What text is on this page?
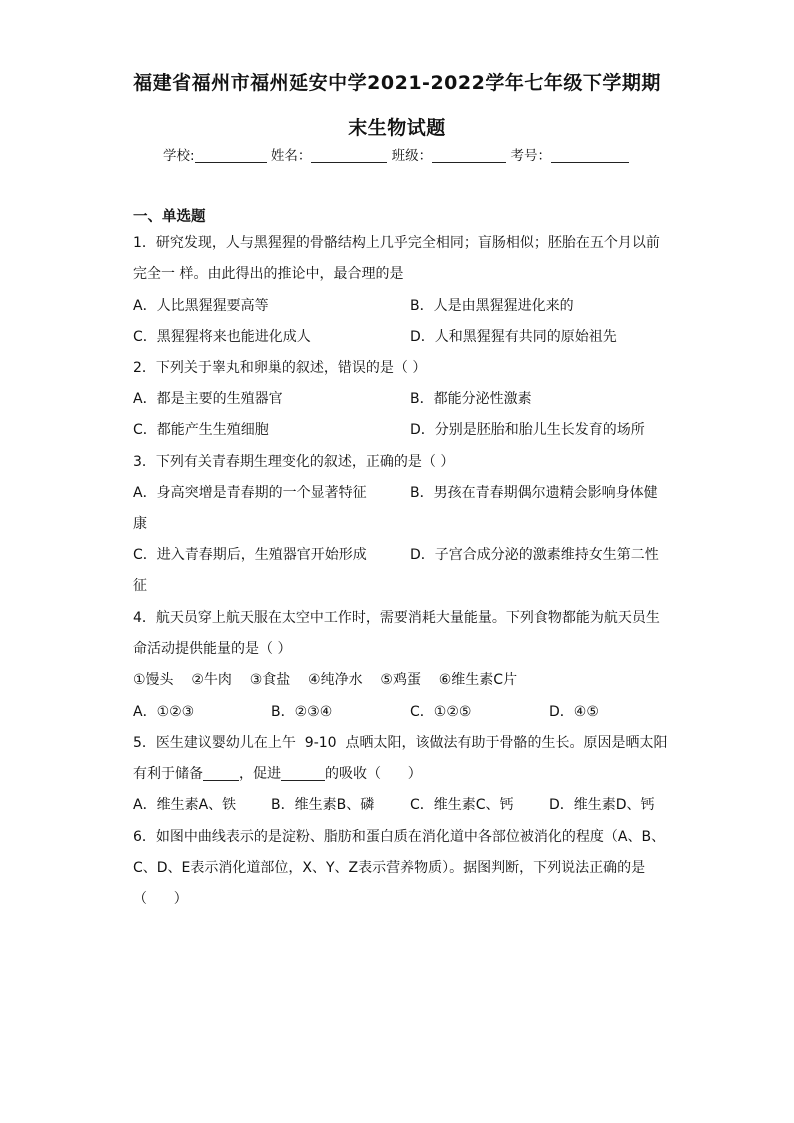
福建省福州市福州延安中学2021-2022学年七年级下学期期
末生物试题
学校:	姓名：	班级：	考号：
一、单选题
1．研究发现，人与黑猩猩的骨骼结构上几乎完全相同；盲肠相似；胚胎在五个月以前
完全一 样。由此得出的推论中，最合理的是
A．人比黑猩猩要高等	B．人是由黑猩猩进化来的
C．黑猩猩将来也能进化成人	D．人和黑猩猩有共同的原始祖先
2．下列关于睾丸和卵巢的叙述，错误的是（ ）
A．都是主要的生殖器官	B．都能分泌性激素
C．都能产生生殖细胞	D．分别是胚胎和胎儿生长发育的场所
3．下列有关青春期生理变化的叙述，正确的是（ ）
A．身高突增是青春期的一个显著特征	B．男孩在青春期偶尔遗精会影响身体健
康
C．进入青春期后，生殖器官开始形成	D．子宫合成分泌的激素维持女生第二性
征
4．航天员穿上航天服在太空中工作时，需要消耗大量能量。下列食物都能为航天员生
命活动提供能量的是（ ）
①馒头    ②牛肉    ③食盐    ④纯净水    ⑤鸡蛋    ⑥维生素C片
A．①②③	B．②③④	C．①②⑤	D．④⑤
5．医生建议婴幼儿在上午  9-10  点晒太阳，该做法有助于骨骼的生长。原因是晒太阳
有利于储备	，促进	的吸收（      ）
A．维生素A、铁 B．维生素B、磷	C．维生素C、钙	D．维生素D、钙
6．如图中曲线表示的是淀粉、脂肪和蛋白质在消化道中各部位被消化的程度（A、B、
C、D、E表示消化道部位，X、Y、Z表示营养物质）。据图判断，下列说法正确的是
（      ）
